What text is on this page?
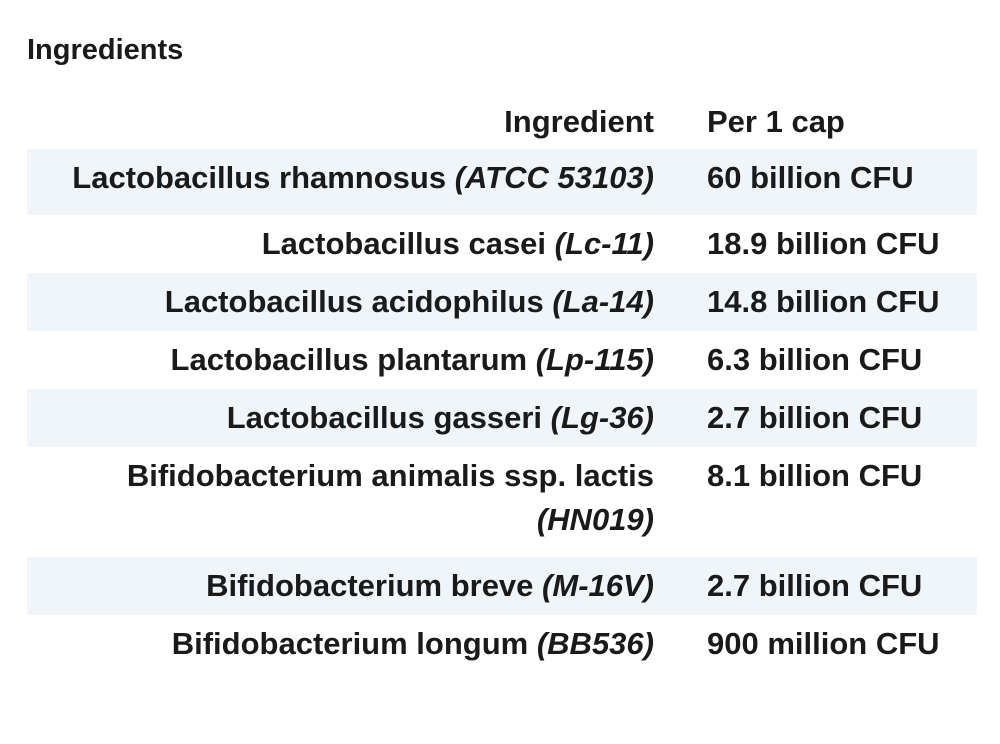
Ingredients
Ingredient	Per 1 cap
Lactobacillus rhamnosus (ATCC 53103)	60 billion CFU
Lactobacillus casei (Lc-11)	18.9 billion CFU
Lactobacillus acidophilus (La-14)	14.8 billion CFU
Lactobacillus plantarum (Lp-115)	6.3 billion CFU
Lactobacillus gasseri (Lg-36)	2.7 billion CFU
Bifidobacterium animalis ssp. lactis (HN019)	8.1 billion CFU
Bifidobacterium breve (M-16V)	2.7 billion CFU
Bifidobacterium longum (BB536)	900 million CFU
